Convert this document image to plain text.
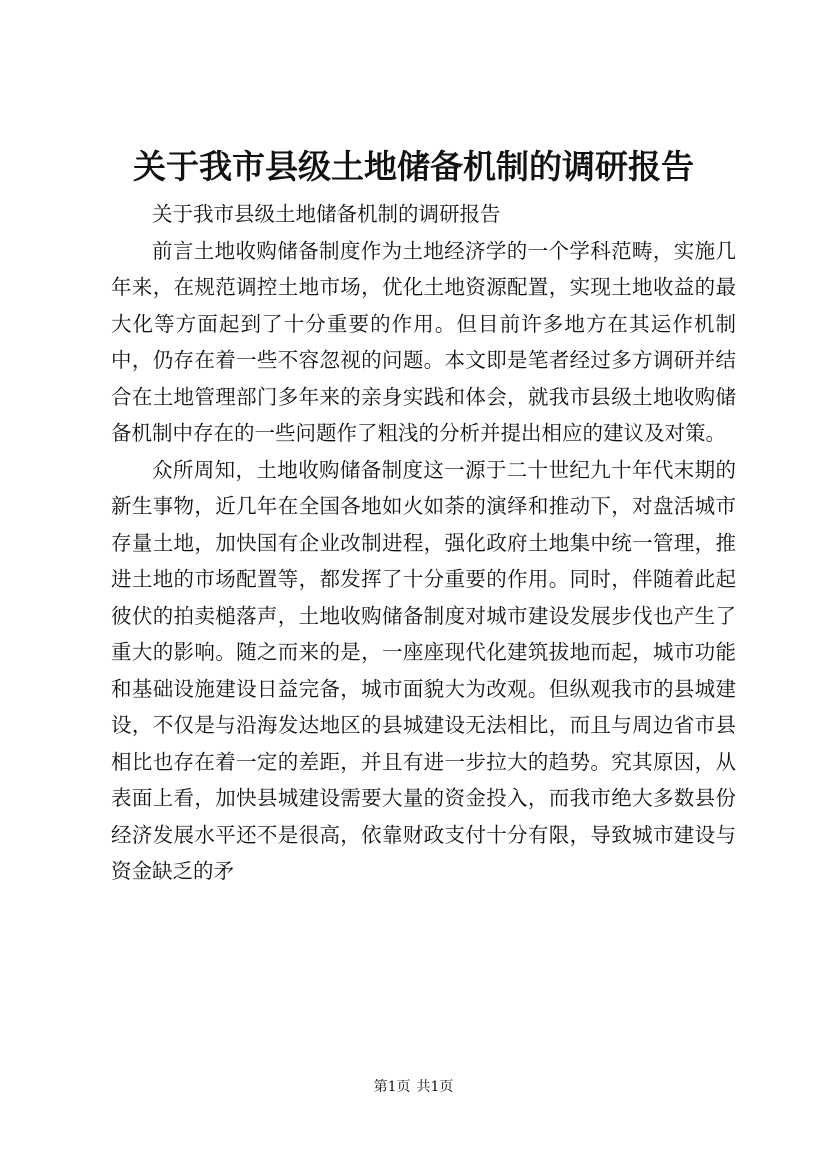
关于我市县级土地储备机制的调研报告

关于我市县级土地储备机制的调研报告

前言土地收购储备制度作为土地经济学的一个学科范畴，实施几年来，在规范调控土地市场，优化土地资源配置，实现土地收益的最大化等方面起到了十分重要的作用。但目前许多地方在其运作机制中，仍存在着一些不容忽视的问题。本文即是笔者经过多方调研并结合在土地管理部门多年来的亲身实践和体会，就我市县级土地收购储备机制中存在的一些问题作了粗浅的分析并提出相应的建议及对策。

众所周知，土地收购储备制度这一源于二十世纪九十年代末期的新生事物，近几年在全国各地如火如荼的演绎和推动下，对盘活城市存量土地，加快国有企业改制进程，强化政府土地集中统一管理，推进土地的市场配置等，都发挥了十分重要的作用。同时，伴随着此起彼伏的拍卖槌落声，土地收购储备制度对城市建设发展步伐也产生了重大的影响。随之而来的是，一座座现代化建筑拔地而起，城市功能和基础设施建设日益完备，城市面貌大为改观。但纵观我市的县城建设，不仅是与沿海发达地区的县城建设无法相比，而且与周边省市县相比也存在着一定的差距，并且有进一步拉大的趋势。究其原因，从表面上看，加快县城建设需要大量的资金投入，而我市绝大多数县份经济发展水平还不是很高，依靠财政支付十分有限，导致城市建设与资金缺乏的矛

第1页 共1页
